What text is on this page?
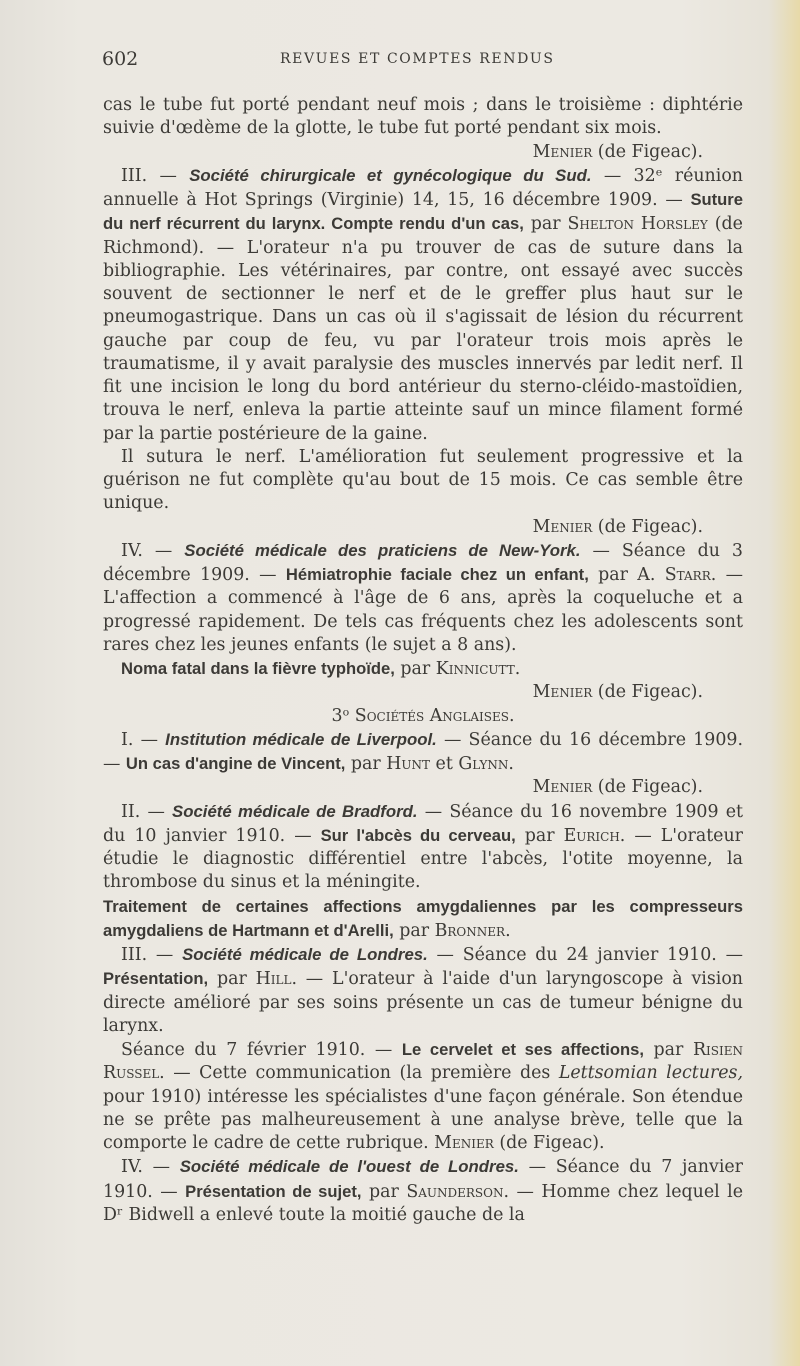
602	REVUES ET COMPTES RENDUS

cas le tube fut porté pendant neuf mois ; dans le troisième : diphtérie suivie d'œdème de la glotte, le tube fut porté pendant six mois.

Menier (de Figeac).

III. — Société chirurgicale et gynécologique du Sud. — 32ᵉ réunion annuelle à Hot Springs (Virginie) 14, 15, 16 décembre 1909. — Suture du nerf récurrent du larynx. Compte rendu d'un cas, par Shelton Horsley (de Richmond). — L'orateur n'a pu trouver de cas de suture dans la bibliographie. Les vétérinaires, par contre, ont essayé avec succès souvent de sectionner le nerf et de le greffer plus haut sur le pneumogastrique. Dans un cas où il s'agissait de lésion du récurrent gauche par coup de feu, vu par l'orateur trois mois après le traumatisme, il y avait paralysie des muscles innervés par ledit nerf. Il fit une incision le long du bord antérieur du sterno-cléido-mastoïdien, trouva le nerf, enleva la partie atteinte sauf un mince filament formé par la partie postérieure de la gaine.

Il sutura le nerf. L'amélioration fut seulement progressive et la guérison ne fut complète qu'au bout de 15 mois. Ce cas semble être unique.

Menier (de Figeac).

IV. — Société médicale des praticiens de New-York. — Séance du 3 décembre 1909. — Hémiatrophie faciale chez un enfant, par A. Starr. — L'affection a commencé à l'âge de 6 ans, après la coqueluche et a progressé rapidement. De tels cas fréquents chez les adolescents sont rares chez les jeunes enfants (le sujet a 8 ans).

Noma fatal dans la fièvre typhoïde, par Kinnicutt.

Menier (de Figeac).

3ᵒ Sociétés Anglaises.

I. — Institution médicale de Liverpool. — Séance du 16 décembre 1909. — Un cas d'angine de Vincent, par Hunt et Glynn.

Menier (de Figeac).

II. — Société médicale de Bradford. — Séance du 16 novembre 1909 et du 10 janvier 1910. — Sur l'abcès du cerveau, par Eurich. — L'orateur étudie le diagnostic différentiel entre l'abcès, l'otite moyenne, la thrombose du sinus et la méningite.

Traitement de certaines affections amygdaliennes par les compresseurs amygdaliens de Hartmann et d'Arelli, par Bronner.

III. — Société médicale de Londres. — Séance du 24 janvier 1910. — Présentation, par Hill. — L'orateur à l'aide d'un laryngoscope à vision directe amélioré par ses soins présente un cas de tumeur bénigne du larynx.

Séance du 7 février 1910. — Le cervelet et ses affections, par Risien Russel. — Cette communication (la première des Lettsomian lectures, pour 1910) intéresse les spécialistes d'une façon générale. Son étendue ne se prête pas malheureusement à une analyse brève, telle que la comporte le cadre de cette rubrique. Menier (de Figeac).

IV. — Société médicale de l'ouest de Londres. — Séance du 7 janvier 1910. — Présentation de sujet, par Saunderson. — Homme chez lequel le Dʳ Bidwell a enlevé toute la moitié gauche de la
